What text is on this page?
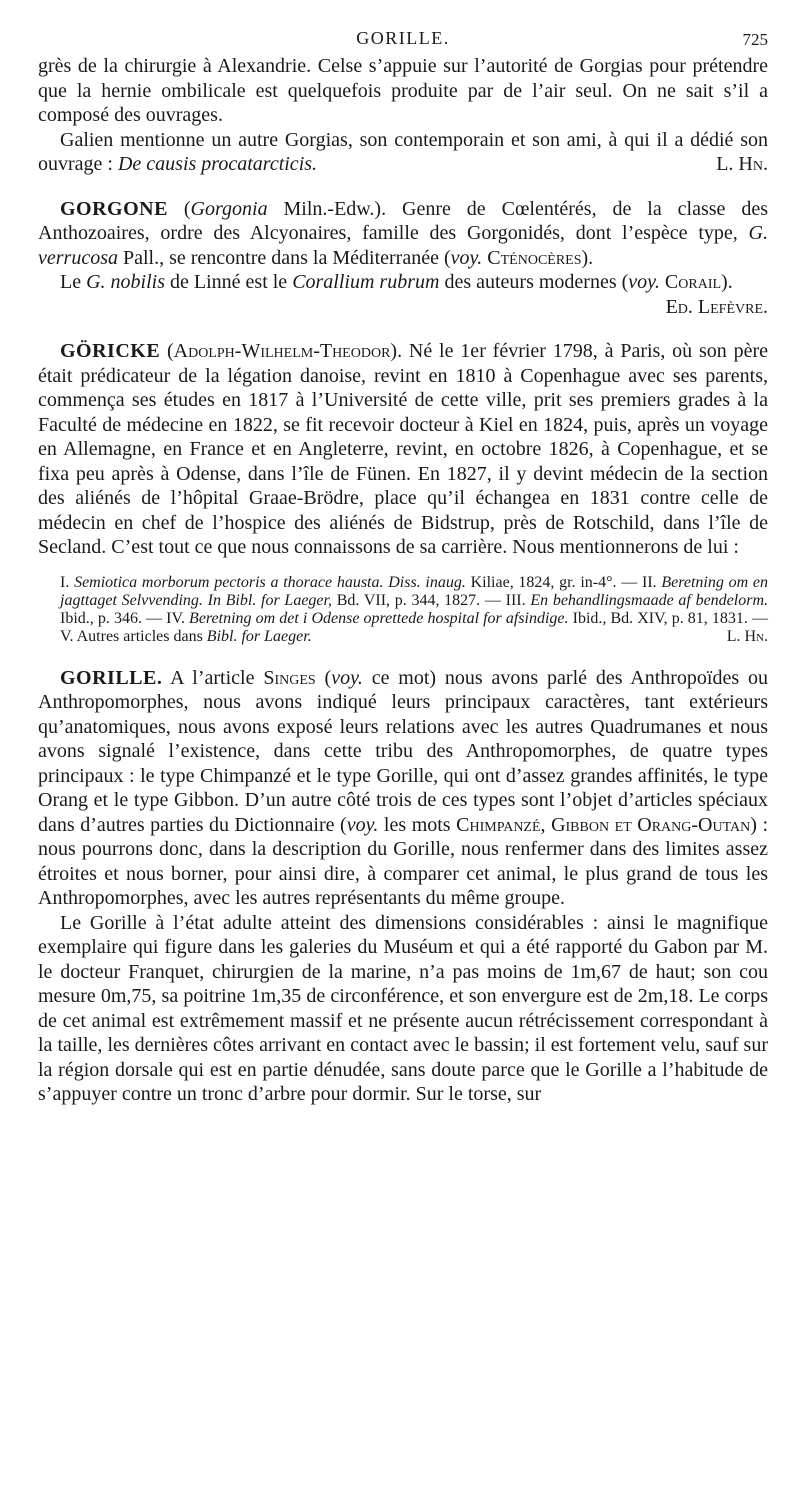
GORILLE.	725

grès de la chirurgie à Alexandrie. Celse s’appuie sur l’autorité de Gorgias pour prétendre que la hernie ombilicale est quelquefois produite par de l’air seul. On ne sait s’il a composé des ouvrages.

Galien mentionne un autre Gorgias, son contemporain et son ami, à qui il a dédié son ouvrage : De causis procatarcticis.	L. Hn.

GORGONE (Gorgonia Miln.-Edw.). Genre de Cœlentérés, de la classe des Anthozoaires, ordre des Alcyonaires, famille des Gorgonidés, dont l’espèce type, G. verrucosa Pall., se rencontre dans la Méditerranée (voy. Cténocères).

Le G. nobilis de Linné est le Corallium rubrum des auteurs modernes (voy. Corail).
Ed. Lefèvre.

GÖRICKE (Adolph-Wilhelm-Theodor). Né le 1er février 1798, à Paris, où son père était prédicateur de la légation danoise, revint en 1810 à Copenhague avec ses parents, commença ses études en 1817 à l’Université de cette ville, prit ses premiers grades à la Faculté de médecine en 1822, se fit recevoir docteur à Kiel en 1824, puis, après un voyage en Allemagne, en France et en Angleterre, revint, en octobre 1826, à Copenhague, et se fixa peu après à Odense, dans l’île de Fünen. En 1827, il y devint médecin de la section des aliénés de l’hôpital Graae-Brödre, place qu’il échangea en 1831 contre celle de médecin en chef de l’hospice des aliénés de Bidstrup, près de Rotschild, dans l’île de Secland. C’est tout ce que nous connaissons de sa carrière. Nous mentionnerons de lui :

I. Semiotica morborum pectoris a thorace hausta. Diss. inaug. Kiliae, 1824, gr. in-4°. — II. Beretning om en jagttaget Selvvending. In Bibl. for Laeger, Bd. VII, p. 344, 1827. — III. En behandlingsmaade af bendelorm. Ibid., p. 346. — IV. Beretning om det i Odense oprettede hospital for afsindige. Ibid., Bd. XIV, p. 81, 1831. — V. Autres articles dans Bibl. for Laeger.	L. Hn.

GORILLE. A l’article Singes (voy. ce mot) nous avons parlé des Anthropoïdes ou Anthropomorphes, nous avons indiqué leurs principaux caractères, tant extérieurs qu’anatomiques, nous avons exposé leurs relations avec les autres Quadrumanes et nous avons signalé l’existence, dans cette tribu des Anthropomorphes, de quatre types principaux : le type Chimpanzé et le type Gorille, qui ont d’assez grandes affinités, le type Orang et le type Gibbon. D’un autre côté trois de ces types sont l’objet d’articles spéciaux dans d’autres parties du Dictionnaire (voy. les mots Chimpanzé, Gibbon et Orang-Outan) : nous pourrons donc, dans la description du Gorille, nous renfermer dans des limites assez étroites et nous borner, pour ainsi dire, à comparer cet animal, le plus grand de tous les Anthropomorphes, avec les autres représentants du même groupe.

Le Gorille à l’état adulte atteint des dimensions considérables : ainsi le magnifique exemplaire qui figure dans les galeries du Muséum et qui a été rapporté du Gabon par M. le docteur Franquet, chirurgien de la marine, n’a pas moins de 1m,67 de haut; son cou mesure 0m,75, sa poitrine 1m,35 de circonférence, et son envergure est de 2m,18. Le corps de cet animal est extrêmement massif et ne présente aucun rétrécissement correspondant à la taille, les dernières côtes arrivant en contact avec le bassin; il est fortement velu, sauf sur la région dorsale qui est en partie dénudée, sans doute parce que le Gorille a l’habitude de s’appuyer contre un tronc d’arbre pour dormir. Sur le torse, sur
